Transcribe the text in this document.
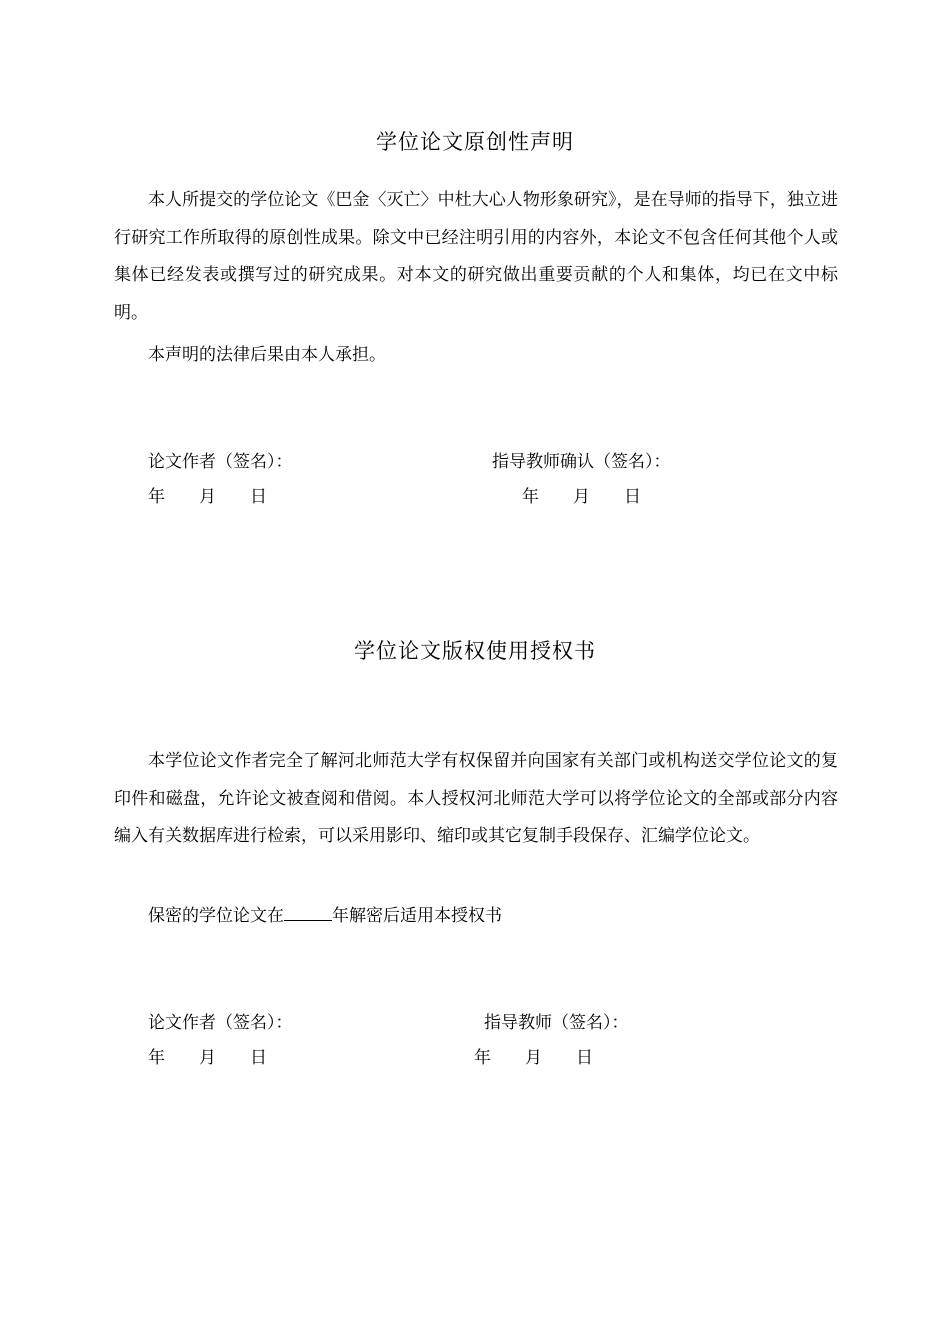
学位论文原创性声明
本人所提交的学位论文《巴金〈灭亡〉中杜大心人物形象研究》，是在导师的指导下，独立进行研究工作所取得的原创性成果。除文中已经注明引用的内容外，本论文不包含任何其他个人或集体已经发表或撰写过的研究成果。对本文的研究做出重要贡献的个人和集体，均已在文中标明。
本声明的法律后果由本人承担。
论文作者（签名）：	指导教师确认（签名）：
年　　月　　日	年　　月　　日
学位论文版权使用授权书
本学位论文作者完全了解河北师范大学有权保留并向国家有关部门或机构送交学位论文的复印件和磁盘，允许论文被查阅和借阅。本人授权河北师范大学可以将学位论文的全部或部分内容编入有关数据库进行检索，可以采用影印、缩印或其它复制手段保存、汇编学位论文。
保密的学位论文在	年解密后适用本授权书
论文作者（签名）：	指导教师（签名）：
年　　月　　日	年　　月　　日
